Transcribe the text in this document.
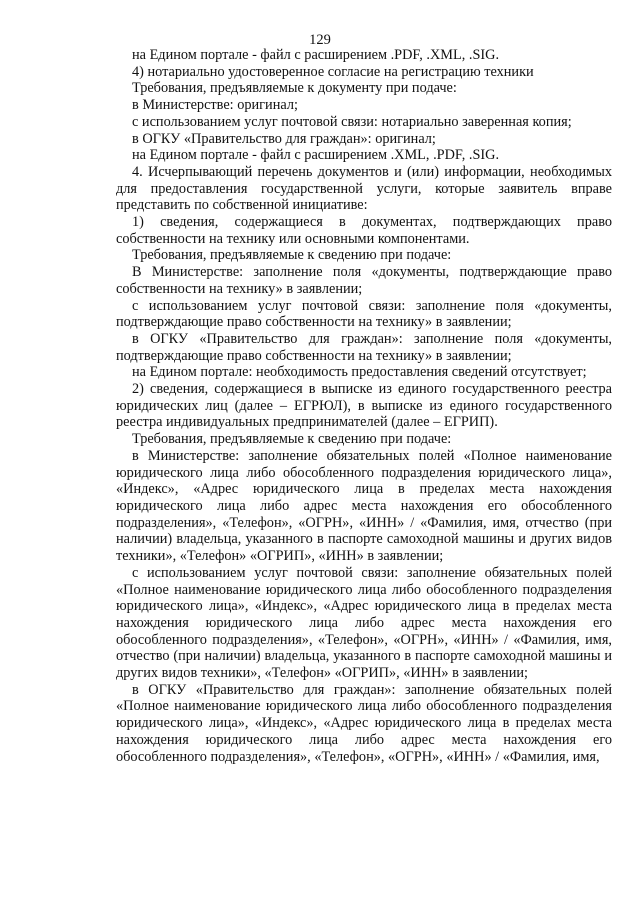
129

на Едином портале - файл с расширением .PDF, .XML, .SIG.

4) нотариально удостоверенное согласие на регистрацию техники

Требования, предъявляемые к документу при подаче:

в Министерстве: оригинал;

с использованием услуг почтовой связи: нотариально заверенная копия;

в ОГКУ «Правительство для граждан»: оригинал;

на Едином портале - файл с расширением .XML, .PDF, .SIG.

4. Исчерпывающий перечень документов и (или) информации, необходимых для предоставления государственной услуги, которые заявитель вправе представить по собственной инициативе:

1) сведения, содержащиеся в документах, подтверждающих право собственности на технику или основными компонентами.

Требования, предъявляемые к сведению при подаче:

В Министерстве: заполнение поля «документы, подтверждающие право собственности на технику» в заявлении;

с использованием услуг почтовой связи: заполнение поля «документы, подтверждающие право собственности на технику» в заявлении;

в ОГКУ «Правительство для граждан»: заполнение поля «документы, подтверждающие право собственности на технику» в заявлении;

на Едином портале: необходимость предоставления сведений отсутствует;

2) сведения, содержащиеся в выписке из единого государственного реестра юридических лиц (далее – ЕГРЮЛ), в выписке из единого государственного реестра индивидуальных предпринимателей (далее – ЕГРИП).

Требования, предъявляемые к сведению при подаче:

в Министерстве: заполнение обязательных полей «Полное наименование юридического лица либо обособленного подразделения юридического лица», «Индекс», «Адрес юридического лица в пределах места нахождения юридического лица либо адрес места нахождения его обособленного подразделения», «Телефон», «ОГРН», «ИНН» / «Фамилия, имя, отчество (при наличии) владельца, указанного в паспорте самоходной машины и других видов техники», «Телефон» «ОГРИП», «ИНН» в заявлении;

с использованием услуг почтовой связи: заполнение обязательных полей «Полное наименование юридического лица либо обособленного подразделения юридического лица», «Индекс», «Адрес юридического лица в пределах места нахождения юридического лица либо адрес места нахождения его обособленного подразделения», «Телефон», «ОГРН», «ИНН» / «Фамилия, имя, отчество (при наличии) владельца, указанного в паспорте самоходной машины и других видов техники», «Телефон» «ОГРИП», «ИНН» в заявлении;

в ОГКУ «Правительство для граждан»: заполнение обязательных полей «Полное наименование юридического лица либо обособленного подразделения юридического лица», «Индекс», «Адрес юридического лица в пределах места нахождения юридического лица либо адрес места нахождения его обособленного подразделения», «Телефон», «ОГРН», «ИНН» / «Фамилия, имя,
